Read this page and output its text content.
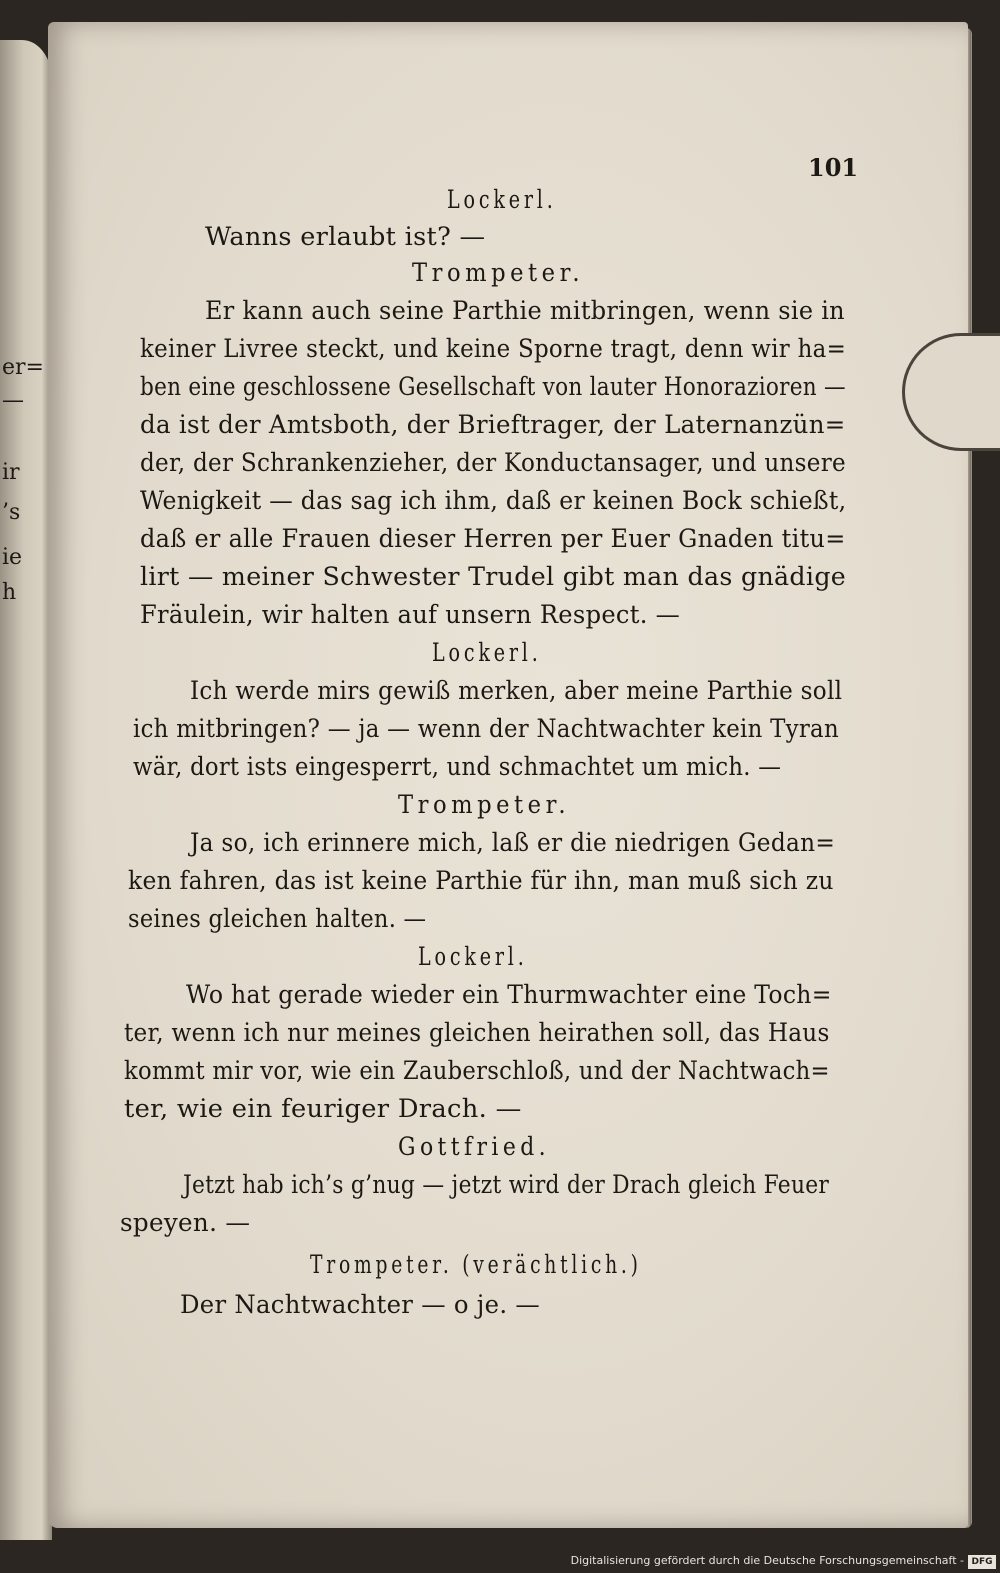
er=
—
ir
’s
ie
h
101
Lockerl.
Wanns erlaubt ist? —
Trompeter.
Er kann auch seine Parthie mitbringen, wenn sie in
keiner Livree steckt, und keine Sporne tragt, denn wir ha=
ben eine geschlossene Gesellschaft von lauter Honorazioren —
da ist der Amtsboth, der Brieftrager, der Laternanzün=
der, der Schrankenzieher, der Konductansager, und unsere
Wenigkeit — das sag ich ihm, daß er keinen Bock schießt,
daß er alle Frauen dieser Herren per Euer Gnaden titu=
lirt — meiner Schwester Trudel gibt man das gnädige
Fräulein, wir halten auf unsern Respect. —
Lockerl.
Ich werde mirs gewiß merken, aber meine Parthie soll
ich mitbringen? — ja — wenn der Nachtwachter kein Tyran
wär, dort ists eingesperrt, und schmachtet um mich. —
Trompeter.
Ja so, ich erinnere mich, laß er die niedrigen Gedan=
ken fahren, das ist keine Parthie für ihn, man muß sich zu
seines gleichen halten. —
Lockerl.
Wo hat gerade wieder ein Thurmwachter eine Toch=
ter, wenn ich nur meines gleichen heirathen soll, das Haus
kommt mir vor, wie ein Zauberschloß, und der Nachtwach=
ter, wie ein feuriger Drach. —
Gottfried.
Jetzt hab ich’s g’nug — jetzt wird der Drach gleich Feuer
speyen. —
Trompeter. (verächtlich.)
Der Nachtwachter — o je. —
Digitalisierung gefördert durch die Deutsche Forschungsgemeinschaft - DFG
